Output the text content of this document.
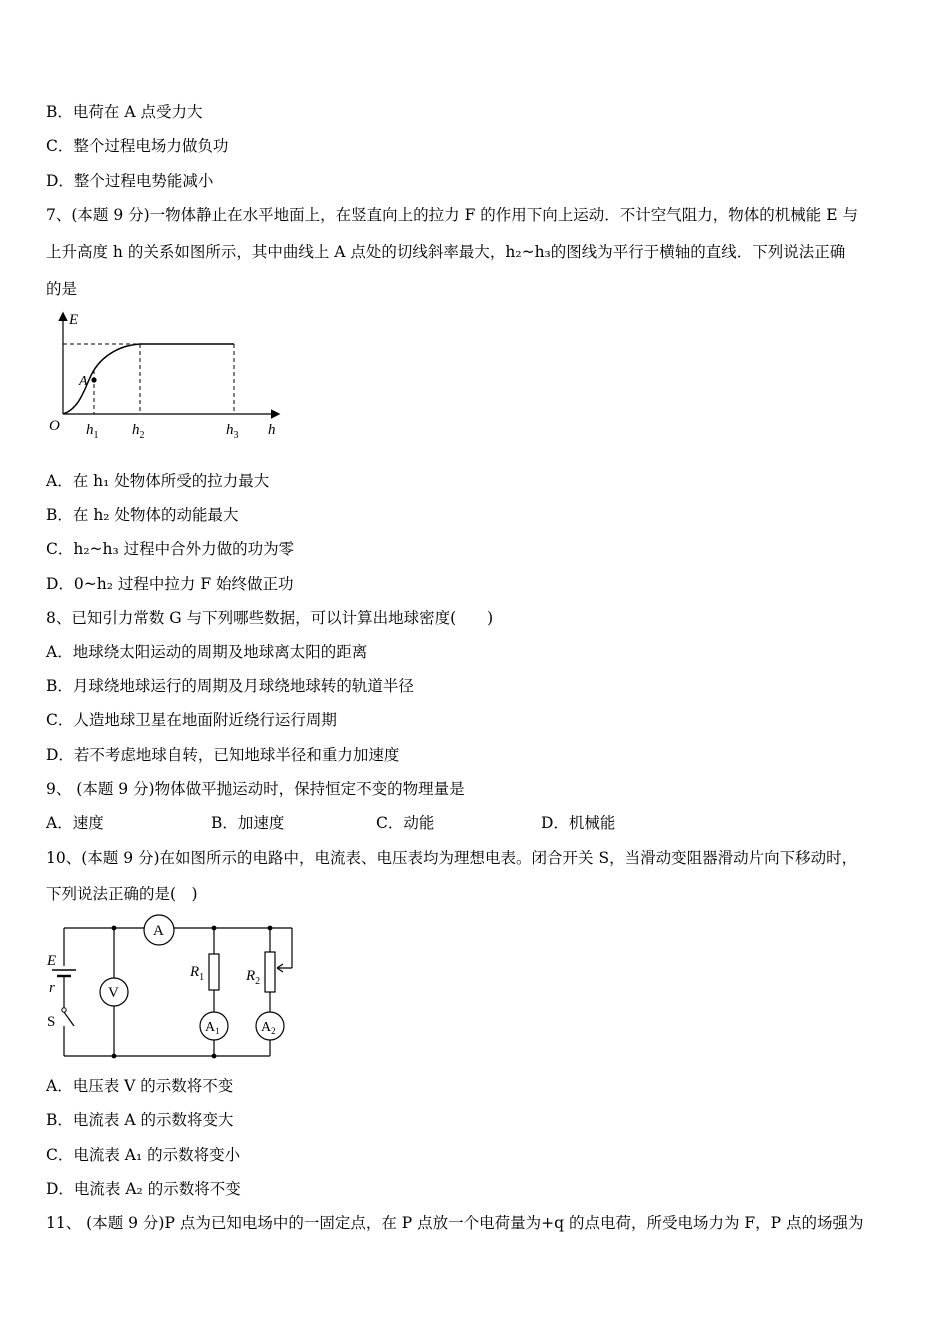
B．电荷在 A 点受力大
C．整个过程电场力做负功
D．整个过程电势能减小
7、(本题 9 分)一物体静止在水平地面上，在竖直向上的拉力 F 的作用下向上运动．不计空气阻力，物体的机械能 E 与
上升高度 h 的关系如图所示，其中曲线上 A 点处的切线斜率最大，h₂~h₃的图线为平行于横轴的直线．下列说法正确
的是
E
h
O
A
$h_1$ $h_2$	$h_3$
A．在 h₁ 处物体所受的拉力最大
B．在 h₂ 处物体的动能最大
C．h₂~h₃ 过程中合外力做的功为零
D．0~h₂ 过程中拉力 F 始终做正功
8、已知引力常数 G 与下列哪些数据，可以计算出地球密度(　　)
A．地球绕太阳运动的周期及地球离太阳的距离
B．月球绕地球运行的周期及月球绕地球转的轨道半径
C．人造地球卫星在地面附近绕行运行周期
D．若不考虑地球自转，已知地球半径和重力加速度
9、 (本题 9 分)物体做平抛运动时，保持恒定不变的物理量是
A．速度	B．加速度	C．动能	D．机械能
10、(本题 9 分)在如图所示的电路中，电流表、电压表均为理想电表。闭合开关 S，当滑动变阻器滑动片向下移动时，
下列说法正确的是(　)
E
r
S
A
V
$R_1$	$R_2$
$A_1$	$A_2$
A．电压表 V 的示数将不变
B．电流表 A 的示数将变大
C．电流表 A₁ 的示数将变小
D．电流表 A₂ 的示数将不变
11、 (本题 9 分)P 点为已知电场中的一固定点，在 P 点放一个电荷量为+q 的点电荷，所受电场力为 F，P 点的场强为
